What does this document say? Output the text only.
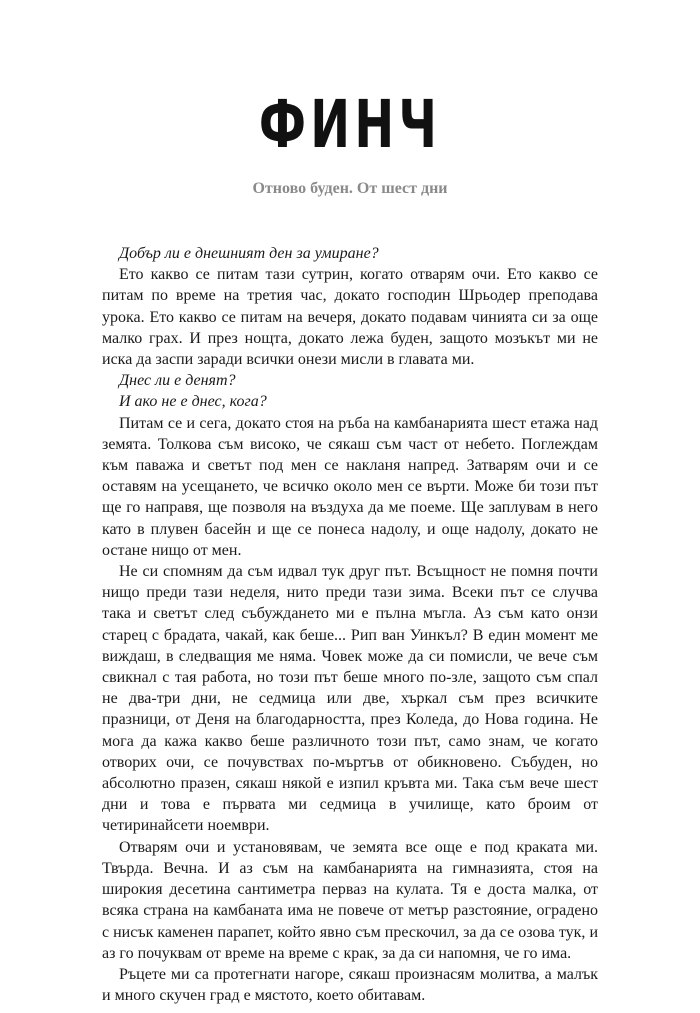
ФИНЧ
Отново буден. От шест дни

Добър ли е днешният ден за умиране?

Ето какво се питам тази сутрин, когато отварям очи. Ето какво се питам по време на третия час, докато господин Шрьодер преподава урока. Ето какво се питам на вечеря, докато подавам чинията си за още малко грах. И през нощта, докато лежа буден, защото мозъкът ми не иска да заспи заради всички онези мисли в главата ми.

Днес ли е денят?

И ако не е днес, кога?

Питам се и сега, докато стоя на ръба на камбанарията шест етажа над земята. Толкова съм високо, че сякаш съм част от небето. Поглеждам към паважа и светът под мен се накланя напред. Затварям очи и се оставям на усещането, че всичко около мен се върти. Може би този път ще го направя, ще позволя на въздуха да ме поеме. Ще заплувам в него като в плувен басейн и ще се понеса надолу, и още надолу, докато не остане нищо от мен.

Не си спомням да съм идвал тук друг път. Всъщност не помня почти нищо преди тази неделя, нито преди тази зима. Всеки път се случва така и светът след събуждането ми е пълна мъгла. Аз съм като онзи старец с брадата, чакай, как беше... Рип ван Уинкъл? В един момент ме виждаш, в следващия ме няма. Човек може да си помисли, че вече съм свикнал с тая работа, но този път беше много по-зле, защото съм спал не два-три дни, не седмица или две, хъркал съм през всичките празници, от Деня на благодарността, през Коледа, до Нова година. Не мога да кажа какво беше различното този път, само знам, че когато отворих очи, се почувствах по-мъртъв от обикновено. Събуден, но абсолютно празен, сякаш някой е изпил кръвта ми. Така съм вече шест дни и това е първата ми седмица в училище, като броим от четиринайсети ноември.

Отварям очи и установявам, че земята все още е под краката ми. Твърда. Вечна. И аз съм на камбанарията на гимназията, стоя на широкия десетина сантиметра перваз на кулата. Тя е доста малка, от всяка страна на камбаната има не повече от метър разстояние, оградено с нисък каменен парапет, който явно съм прескочил, за да се озова тук, и аз го почуквам от време на време с крак, за да си напомня, че го има.

Ръцете ми са протегнати нагоре, сякаш произнасям молитва, а малък и много скучен град е мястото, което обитавам.
